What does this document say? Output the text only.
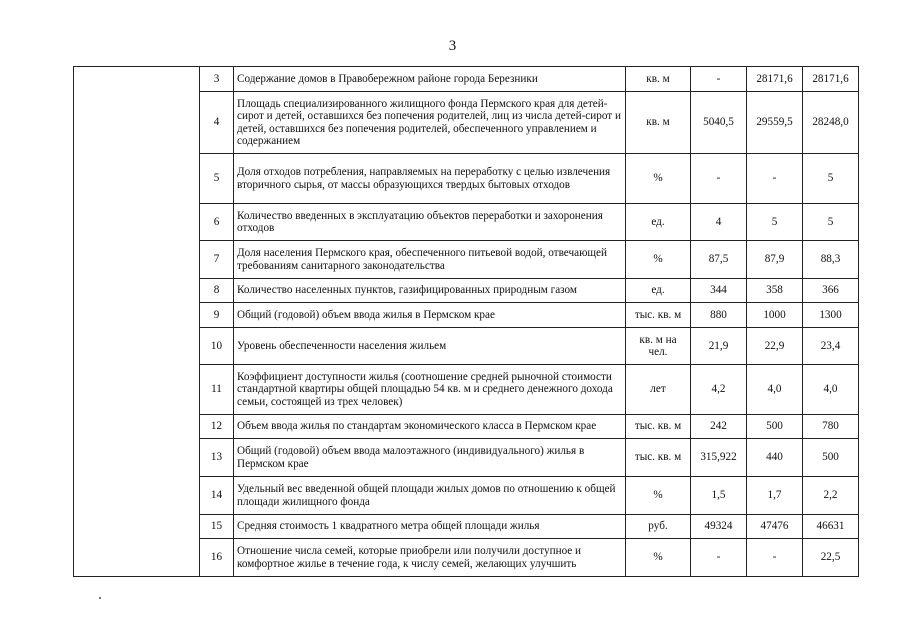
3
	3	Содержание домов в Правобережном районе города Березники	кв. м	-	28171,6	28171,6
	4	Площадь специализированного жилищного фонда Пермского края для детей-сирот и детей, оставшихся без попечения родителей, лиц из числа детей-сирот и детей, оставшихся без попечения родителей, обеспеченного управлением и содержанием	кв. м	5040,5	29559,5	28248,0
	5	Доля отходов потребления, направляемых на переработку с целью извлечения вторичного сырья, от массы образующихся твердых бытовых отходов	%	-	-	5
	6	Количество введенных в эксплуатацию объектов переработки и захоронения отходов	ед.	4	5	5
	7	Доля населения Пермского края, обеспеченного питьевой водой, отвечающей требованиям санитарного законодательства	%	87,5	87,9	88,3
	8	Количество населенных пунктов, газифицированных природным газом	ед.	344	358	366
	9	Общий (годовой) объем ввода жилья в Пермском крае	тыс. кв. м	880	1000	1300
	10	Уровень обеспеченности населения жильем	кв. м на чел.	21,9	22,9	23,4
	11	Коэффициент доступности жилья (соотношение средней рыночной стоимости стандартной квартиры общей площадью 54 кв. м и среднего денежного дохода семьи, состоящей из трех человек)	лет	4,2	4,0	4,0
	12	Объем ввода жилья по стандартам экономического класса в Пермском крае	тыс. кв. м	242	500	780
	13	Общий (годовой) объем ввода малоэтажного (индивидуального) жилья в Пермском крае	тыс. кв. м	315,922	440	500
	14	Удельный вес введенной общей площади жилых домов по отношению к общей площади жилищного фонда	%	1,5	1,7	2,2
	15	Средняя стоимость 1 квадратного метра общей площади жилья	руб.	49324	47476	46631
	16	Отношение числа семей, которые приобрели или получили доступное и комфортное жилье в течение года, к числу семей, желающих улучшить	%	-	-	22,5
